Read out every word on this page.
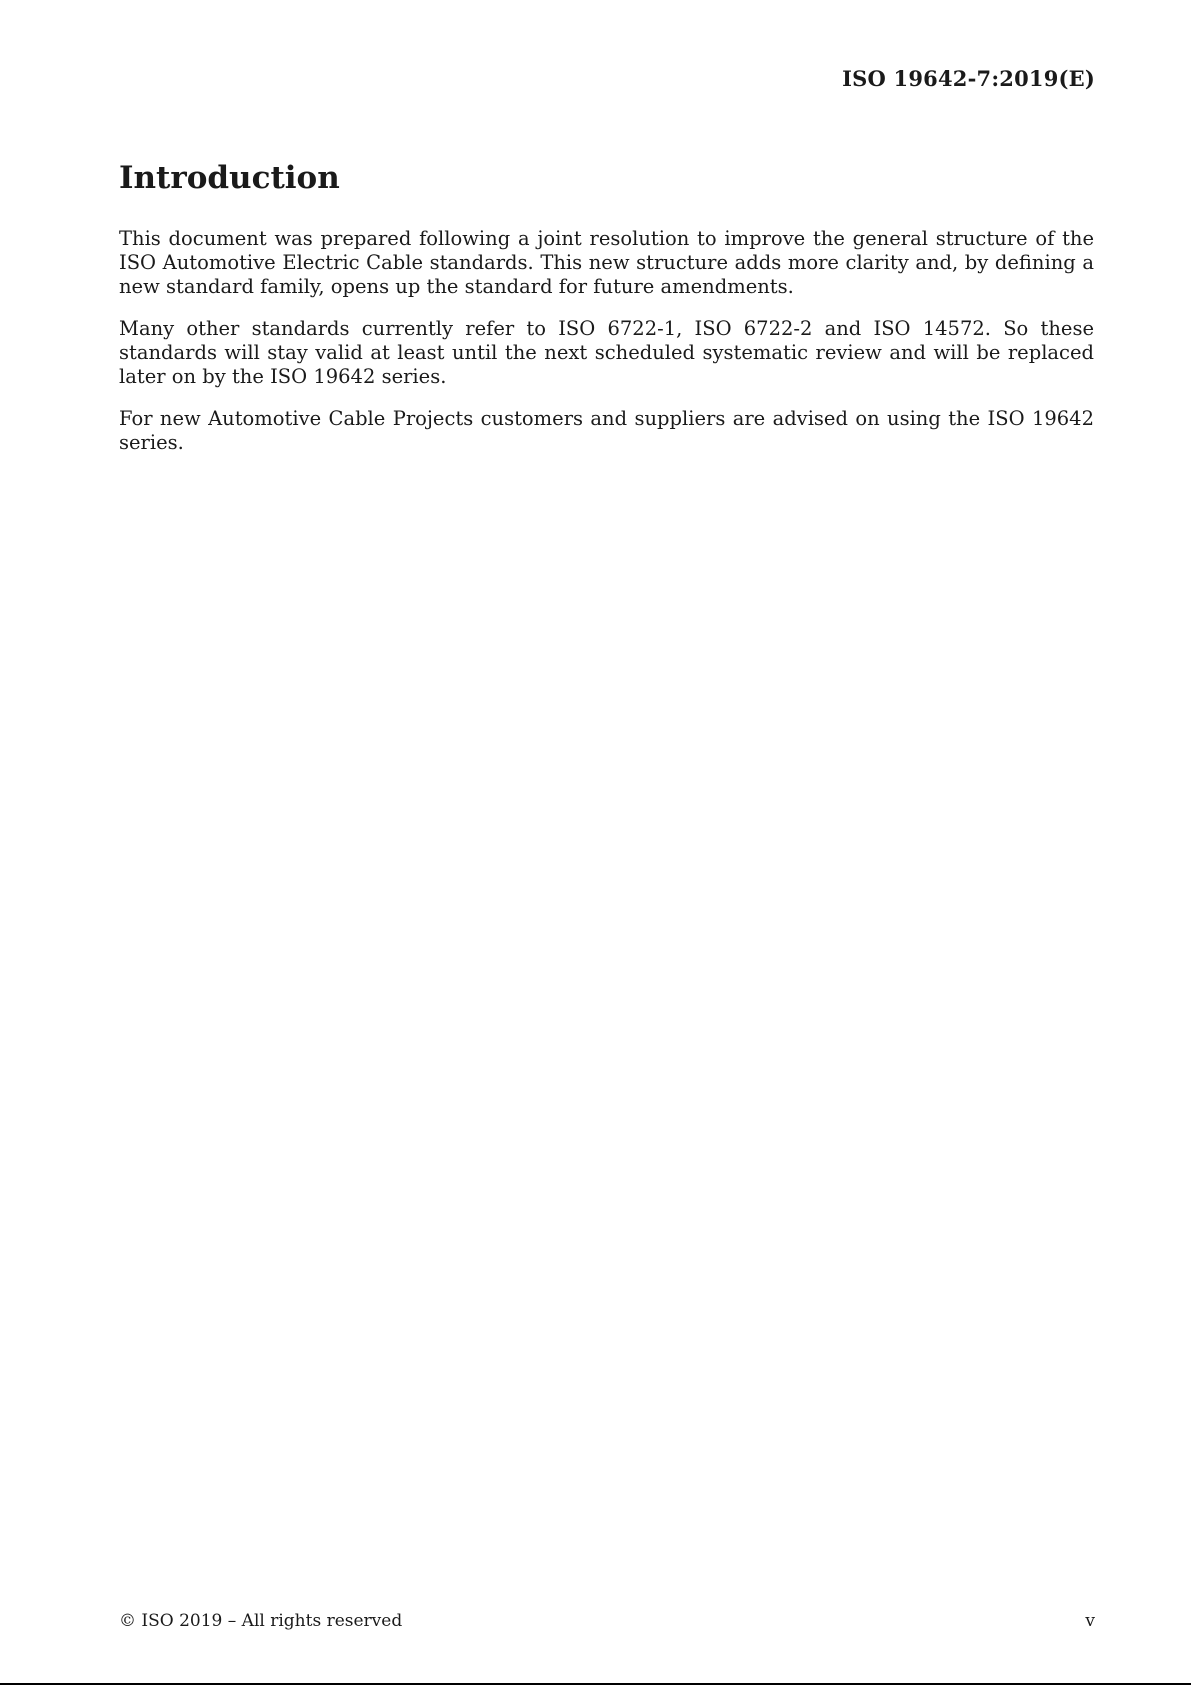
ISO 19642-7:2019(E)
Introduction

This document was prepared following a joint resolution to improve the general structure of the ISO Automotive Electric Cable standards. This new structure adds more clarity and, by defining a new standard family, opens up the standard for future amendments.

Many other standards currently refer to ISO 6722-1, ISO 6722-2 and ISO 14572. So these standards will stay valid at least until the next scheduled systematic review and will be replaced later on by the ISO 19642 series.

For new Automotive Cable Projects customers and suppliers are advised on using the ISO 19642 series.

© ISO 2019 – All rights reserved	v
